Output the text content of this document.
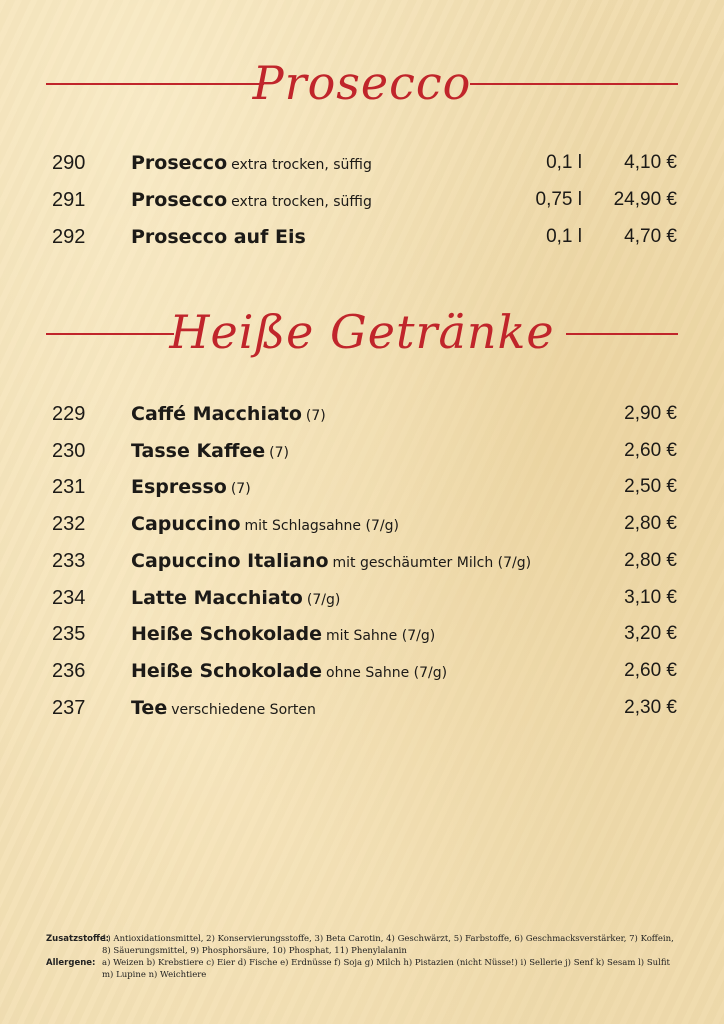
Prosecco
290 Prosecco extra trocken, süffig	0,1 l 4,10 €
291 Prosecco extra trocken, süffig	0,75 l 24,90 €
292 Prosecco auf Eis	0,1 l 4,70 €
Heiße Getränke
229 Caffé Macchiato (7)	2,90 €
230 Tasse Kaffee (7)	2,60 €
231 Espresso (7)	2,50 €
232 Capuccino mit Schlagsahne (7/g)	2,80 €
233 Capuccino Italiano mit geschäumter Milch (7/g)	2,80 €
234 Latte Macchiato (7/g)	3,10 €
235 Heiße Schokolade mit Sahne (7/g)	3,20 €
236 Heiße Schokolade ohne Sahne (7/g)	2,60 €
237 Tee verschiedene Sorten	2,30 €
Zusatzstoffe:
1) Antioxidationsmittel, 2) Konservierungsstoffe, 3) Beta Carotin, 4) Geschwärzt, 5) Farbstoffe, 6) Geschmacksverstärker, 7) Koffein, 8) Säuerungsmittel, 9) Phosphorsäure, 10) Phosphat, 11) Phenylalanin
Allergene: a) Weizen b) Krebstiere c) Eier d) Fische e) Erdnüsse f) Soja g) Milch h) Pistazien (nicht Nüsse!) i) Sellerie j) Senf k) Sesam l) Sulfit m) Lupine n) Weichtiere
